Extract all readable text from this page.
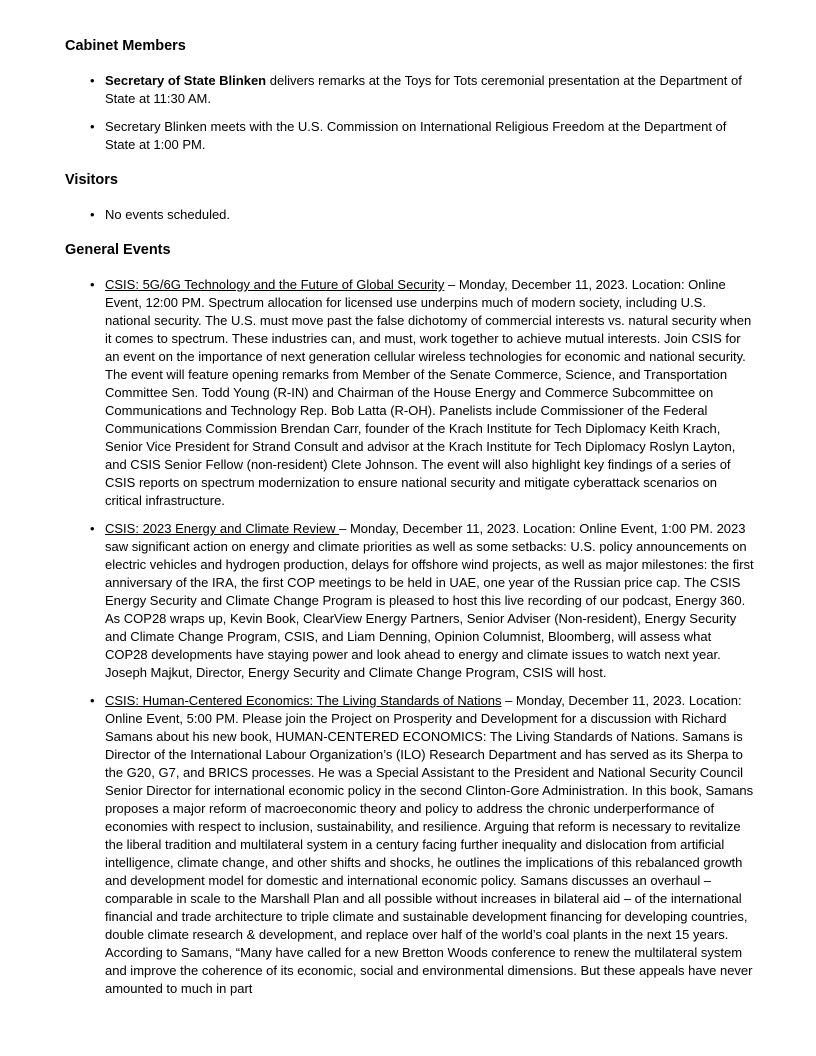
Cabinet Members
• Secretary of State Blinken delivers remarks at the Toys for Tots ceremonial presentation at the Department of State at 11:30 AM.
• Secretary Blinken meets with the U.S. Commission on International Religious Freedom at the Department of State at 1:00 PM.
Visitors
• No events scheduled.
General Events
• CSIS: 5G/6G Technology and the Future of Global Security – Monday, December 11, 2023. Location: Online Event, 12:00 PM. Spectrum allocation for licensed use underpins much of modern society, including U.S. national security. The U.S. must move past the false dichotomy of commercial interests vs. natural security when it comes to spectrum. These industries can, and must, work together to achieve mutual interests. Join CSIS for an event on the importance of next generation cellular wireless technologies for economic and national security. The event will feature opening remarks from Member of the Senate Commerce, Science, and Transportation Committee Sen. Todd Young (R-IN) and Chairman of the House Energy and Commerce Subcommittee on Communications and Technology Rep. Bob Latta (R-OH). Panelists include Commissioner of the Federal Communications Commission Brendan Carr, founder of the Krach Institute for Tech Diplomacy Keith Krach, Senior Vice President for Strand Consult and advisor at the Krach Institute for Tech Diplomacy Roslyn Layton, and CSIS Senior Fellow (non-resident) Clete Johnson. The event will also highlight key findings of a series of CSIS reports on spectrum modernization to ensure national security and mitigate cyberattack scenarios on critical infrastructure.
• CSIS: 2023 Energy and Climate Review – Monday, December 11, 2023. Location: Online Event, 1:00 PM. 2023 saw significant action on energy and climate priorities as well as some setbacks: U.S. policy announcements on electric vehicles and hydrogen production, delays for offshore wind projects, as well as major milestones: the first anniversary of the IRA, the first COP meetings to be held in UAE, one year of the Russian price cap. The CSIS Energy Security and Climate Change Program is pleased to host this live recording of our podcast, Energy 360. As COP28 wraps up, Kevin Book, ClearView Energy Partners, Senior Adviser (Non-resident), Energy Security and Climate Change Program, CSIS, and Liam Denning, Opinion Columnist, Bloomberg, will assess what COP28 developments have staying power and look ahead to energy and climate issues to watch next year. Joseph Majkut, Director, Energy Security and Climate Change Program, CSIS will host.
• CSIS: Human-Centered Economics: The Living Standards of Nations – Monday, December 11, 2023. Location: Online Event, 5:00 PM. Please join the Project on Prosperity and Development for a discussion with Richard Samans about his new book, HUMAN-CENTERED ECONOMICS: The Living Standards of Nations. Samans is Director of the International Labour Organization’s (ILO) Research Department and has served as its Sherpa to the G20, G7, and BRICS processes. He was a Special Assistant to the President and National Security Council Senior Director for international economic policy in the second Clinton-Gore Administration. In this book, Samans proposes a major reform of macroeconomic theory and policy to address the chronic underperformance of economies with respect to inclusion, sustainability, and resilience. Arguing that reform is necessary to revitalize the liberal tradition and multilateral system in a century facing further inequality and dislocation from artificial intelligence, climate change, and other shifts and shocks, he outlines the implications of this rebalanced growth and development model for domestic and international economic policy. Samans discusses an overhaul – comparable in scale to the Marshall Plan and all possible without increases in bilateral aid – of the international financial and trade architecture to triple climate and sustainable development financing for developing countries, double climate research & development, and replace over half of the world’s coal plants in the next 15 years. According to Samans, “Many have called for a new Bretton Woods conference to renew the multilateral system and improve the coherence of its economic, social and environmental dimensions. But these appeals have never amounted to much in part
